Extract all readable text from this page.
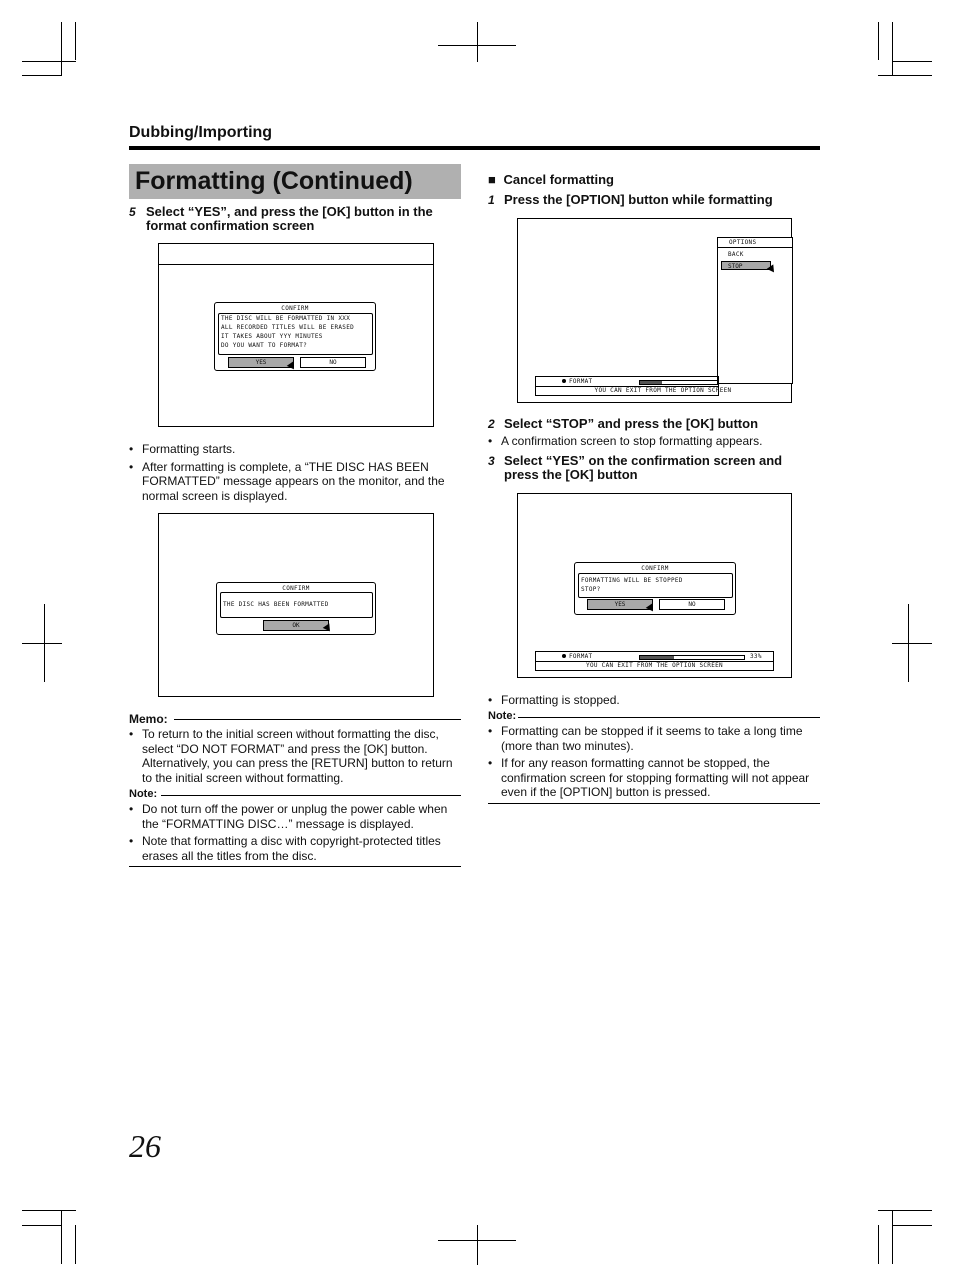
Dubbing/Importing
Formatting (Continued)
5 Select “YES”, and press the [OK] button in the format confirmation screen
CONFIRM
THE DISC WILL BE FORMATTED IN XXX
ALL RECORDED TITLES WILL BE ERASED
IT TAKES ABOUT YYY MINUTES
DO YOU WANT TO FORMAT?
YES	NO
• Formatting starts.
• After formatting is complete, a “THE DISC HAS BEEN FORMATTED” message appears on the monitor, and the normal screen is displayed.
CONFIRM
THE DISC HAS BEEN FORMATTED
OK
Memo:
• To return to the initial screen without formatting the disc, select “DO NOT FORMAT” and press the [OK] button. Alternatively, you can press the [RETURN] button to return to the initial screen without formatting.
Note:
• Do not turn off the power or unplug the power cable when the “FORMATTING DISC…” message is displayed.
• Note that formatting a disc with copyright-protected titles erases all the titles from the disc.
■ Cancel formatting
1 Press the [OPTION] button while formatting
OPTIONS
BACK
STOP
FORMAT
YOU CAN EXIT FROM THE OPTION SCREEN
2 Select “STOP” and press the [OK] button
• A confirmation screen to stop formatting appears.
3 Select “YES” on the confirmation screen and press the [OK] button
CONFIRM
FORMATTING WILL BE STOPPED
STOP?
YES	NO
FORMAT	33%
YOU CAN EXIT FROM THE OPTION SCREEN
• Formatting is stopped.
Note:
• Formatting can be stopped if it seems to take a long time (more than two minutes).
• If for any reason formatting cannot be stopped, the confirmation screen for stopping formatting will not appear even if the [OPTION] button is pressed.
26
